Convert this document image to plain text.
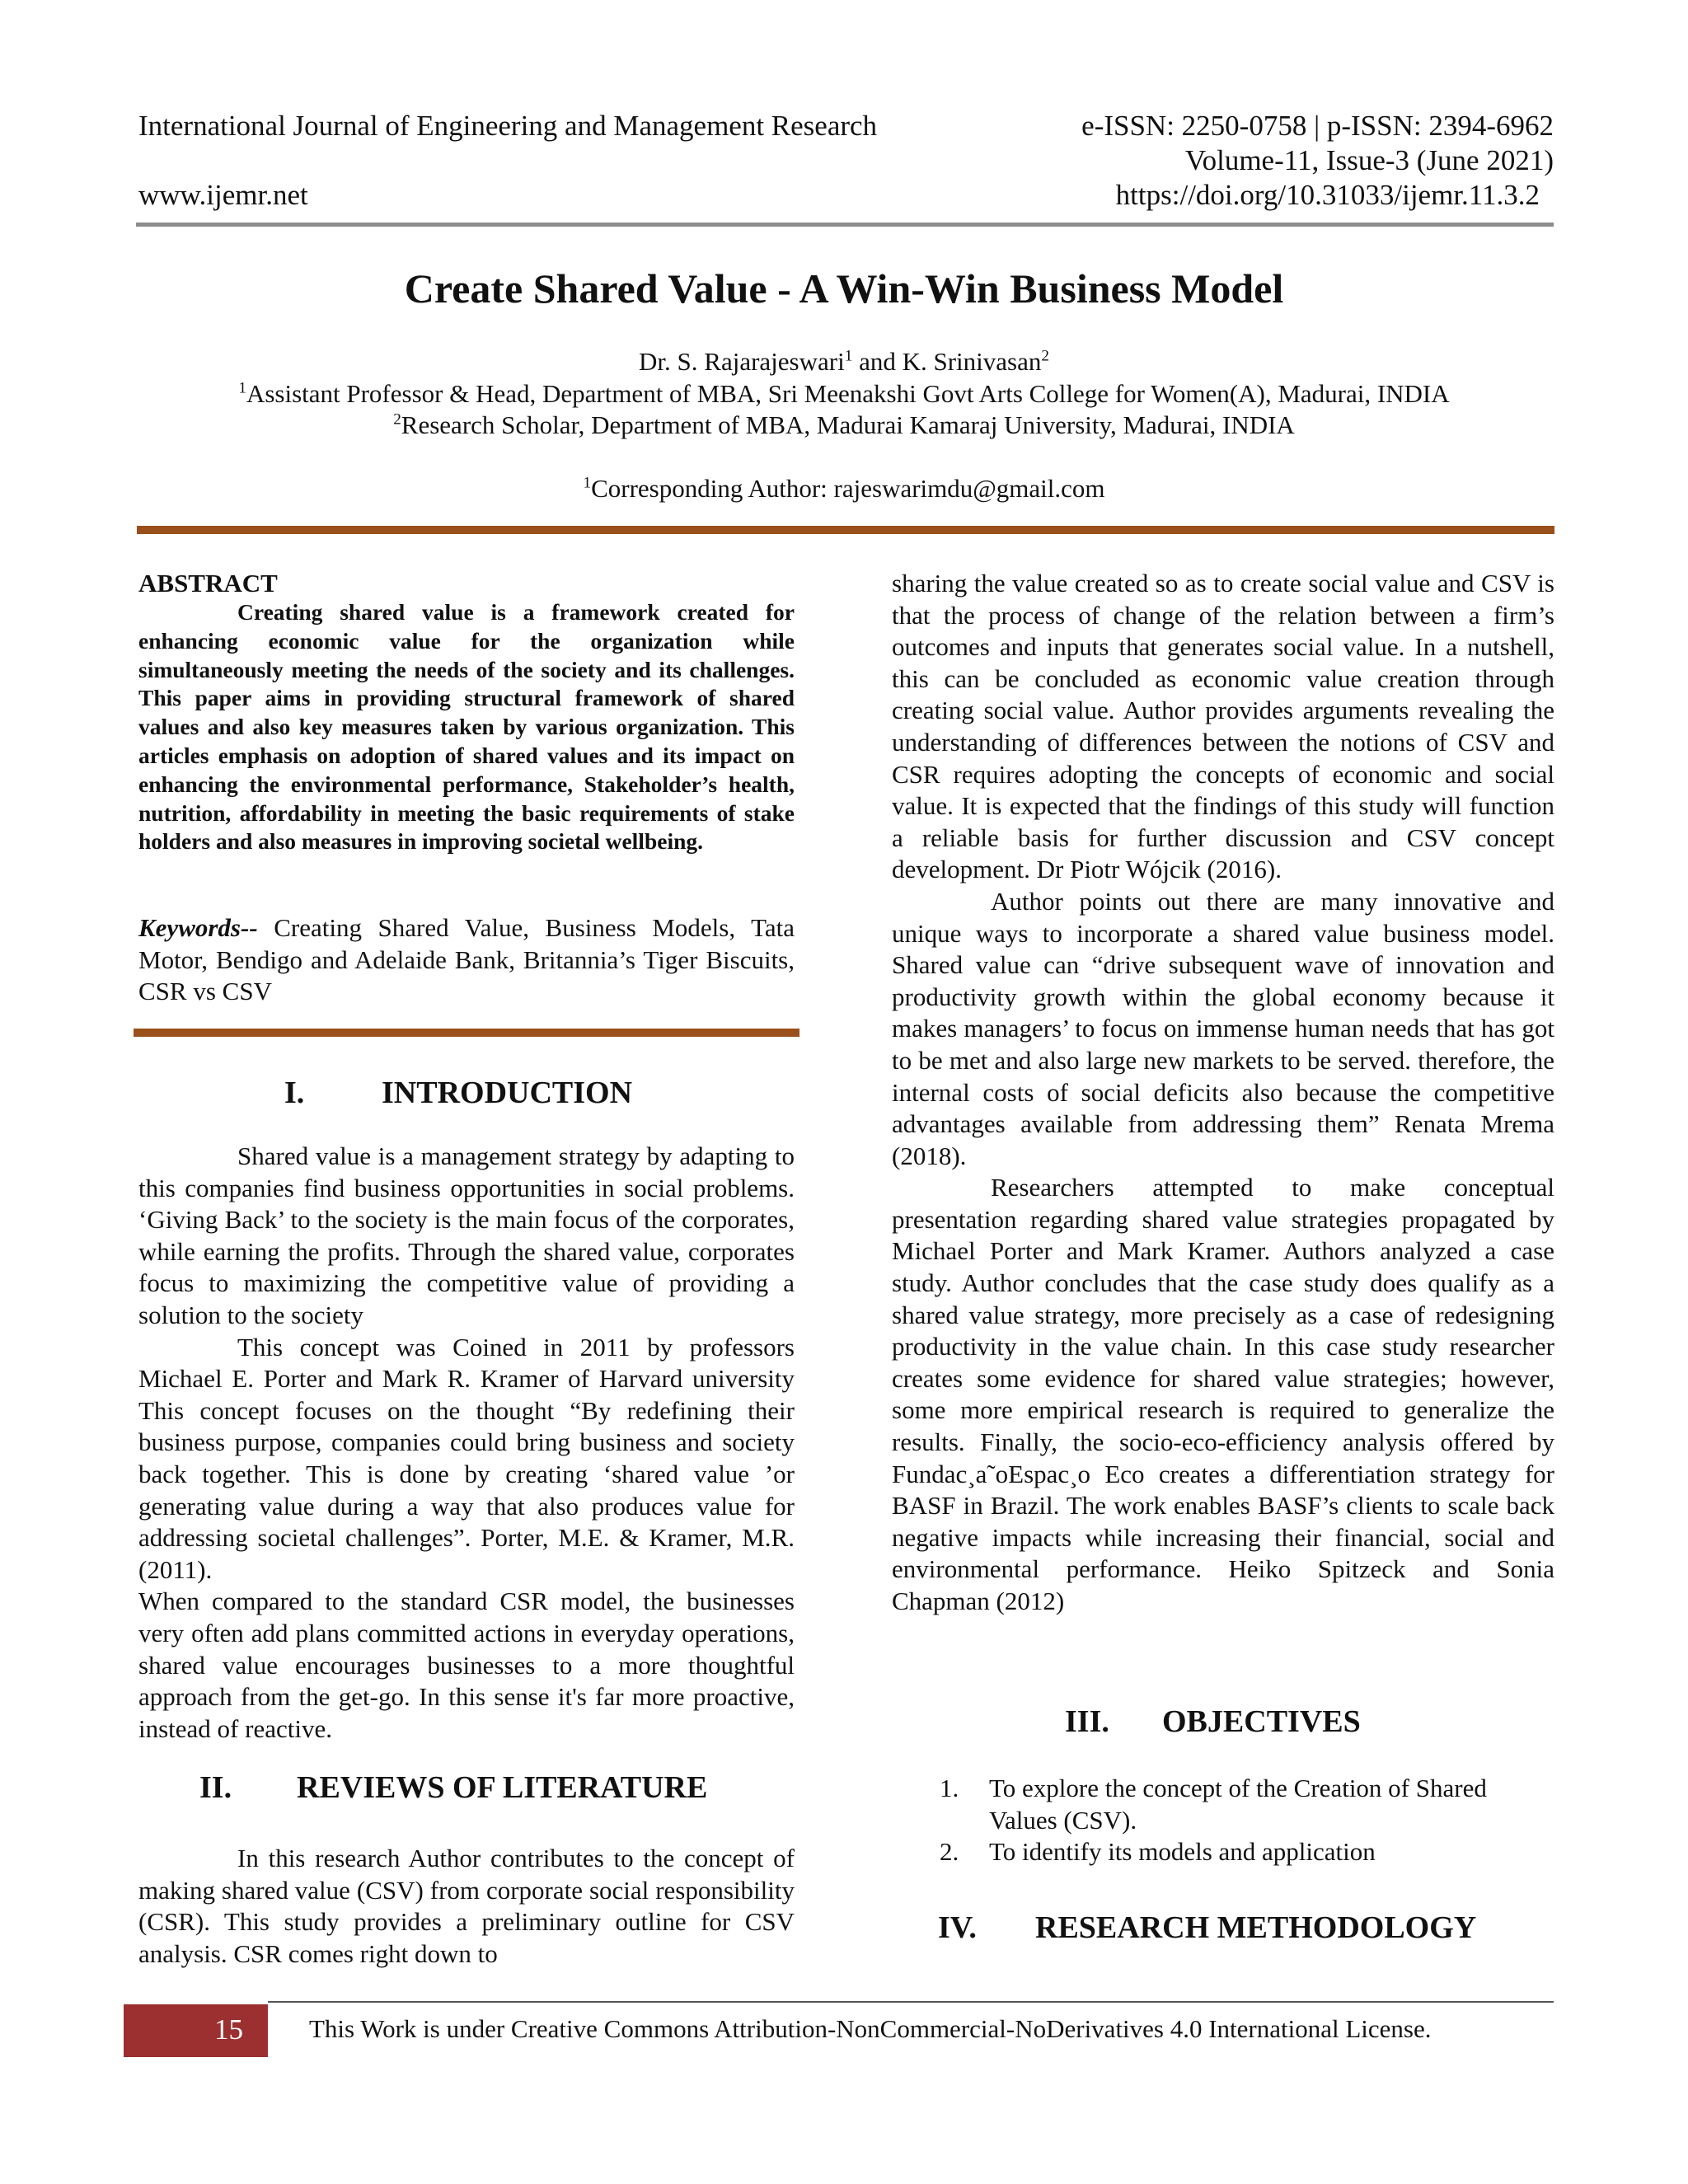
International Journal of Engineering and Management Research	e-ISSN: 2250-0758 | p-ISSN: 2394-6962
Volume-11, Issue-3 (June 2021)
www.ijemr.net	https://doi.org/10.31033/ijemr.11.3.2
Create Shared Value - A Win-Win Business Model
Dr. S. Rajarajeswari$^1$ and K. Srinivasan$^2$
$^1$Assistant Professor & Head, Department of MBA, Sri Meenakshi Govt Arts College for Women(A), Madurai, INDIA
$^2$Research Scholar, Department of MBA, Madurai Kamaraj University, Madurai, INDIA
$^1$Corresponding Author: rajeswarimdu@gmail.com
ABSTRACT

Creating shared value is a framework created for enhancing economic value for the organization while simultaneously meeting the needs of the society and its challenges. This paper aims in providing structural framework of shared values and also key measures taken by various organization. This articles emphasis on adoption of shared values and its impact on enhancing the environmental performance, Stakeholder’s health, nutrition, affordability in meeting the basic requirements of stake holders and also measures in improving societal wellbeing.

Keywords-- Creating Shared Value, Business Models, Tata Motor, Bendigo and Adelaide Bank, Britannia’s Tiger Biscuits, CSR vs CSV

I. INTRODUCTION

Shared value is a management strategy by adapting to this companies find business opportunities in social problems. ‘Giving Back’ to the society is the main focus of the corporates, while earning the profits. Through the shared value, corporates focus to maximizing the competitive value of providing a solution to the society

This concept was Coined in 2011 by professors Michael E. Porter and Mark R. Kramer of Harvard university This concept focuses on the thought “By redefining their business purpose, companies could bring business and society back together. This is done by creating ‘shared value ’or generating value during a way that also produces value for addressing societal challenges”. Porter, M.E. & Kramer, M.R. (2011).

When compared to the standard CSR model, the businesses very often add plans committed actions in everyday operations, shared value encourages businesses to a more thoughtful approach from the get-go. In this sense it's far more proactive, instead of reactive.

II. REVIEWS OF LITERATURE

In this research Author contributes to the concept of making shared value (CSV) from corporate social responsibility (CSR). This study provides a preliminary outline for CSV analysis. CSR comes right down to

sharing the value created so as to create social value and CSV is that the process of change of the relation between a firm’s outcomes and inputs that generates social value. In a nutshell, this can be concluded as economic value creation through creating social value. Author provides arguments revealing the understanding of differences between the notions of CSV and CSR requires adopting the concepts of economic and social value. It is expected that the findings of this study will function a reliable basis for further discussion and CSV concept development. Dr Piotr Wójcik (2016).

Author points out there are many innovative and unique ways to incorporate a shared value business model. Shared value can “drive subsequent wave of innovation and productivity growth within the global economy because it makes managers’ to focus on immense human needs that has got to be met and also large new markets to be served. therefore, the internal costs of social deficits also because the competitive advantages available from addressing them” Renata Mrema (2018).

Researchers attempted to make conceptual presentation regarding shared value strategies propagated by Michael Porter and Mark Kramer. Authors analyzed a case study. Author concludes that the case study does qualify as a shared value strategy, more precisely as a case of redesigning productivity in the value chain. In this case study researcher creates some evidence for shared value strategies; however, some more empirical research is required to generalize the results. Finally, the socio-eco-efficiency analysis offered by Fundac¸a˜oEspac¸o Eco creates a differentiation strategy for BASF in Brazil. The work enables BASF’s clients to scale back negative impacts while increasing their financial, social and environmental performance. Heiko Spitzeck and Sonia Chapman (2012)

III. OBJECTIVES
1. To explore the concept of the Creation of Shared Values (CSV).
2. To identify its models and application
IV. RESEARCH METHODOLOGY
15	This Work is under Creative Commons Attribution-NonCommercial-NoDerivatives 4.0 International License.
